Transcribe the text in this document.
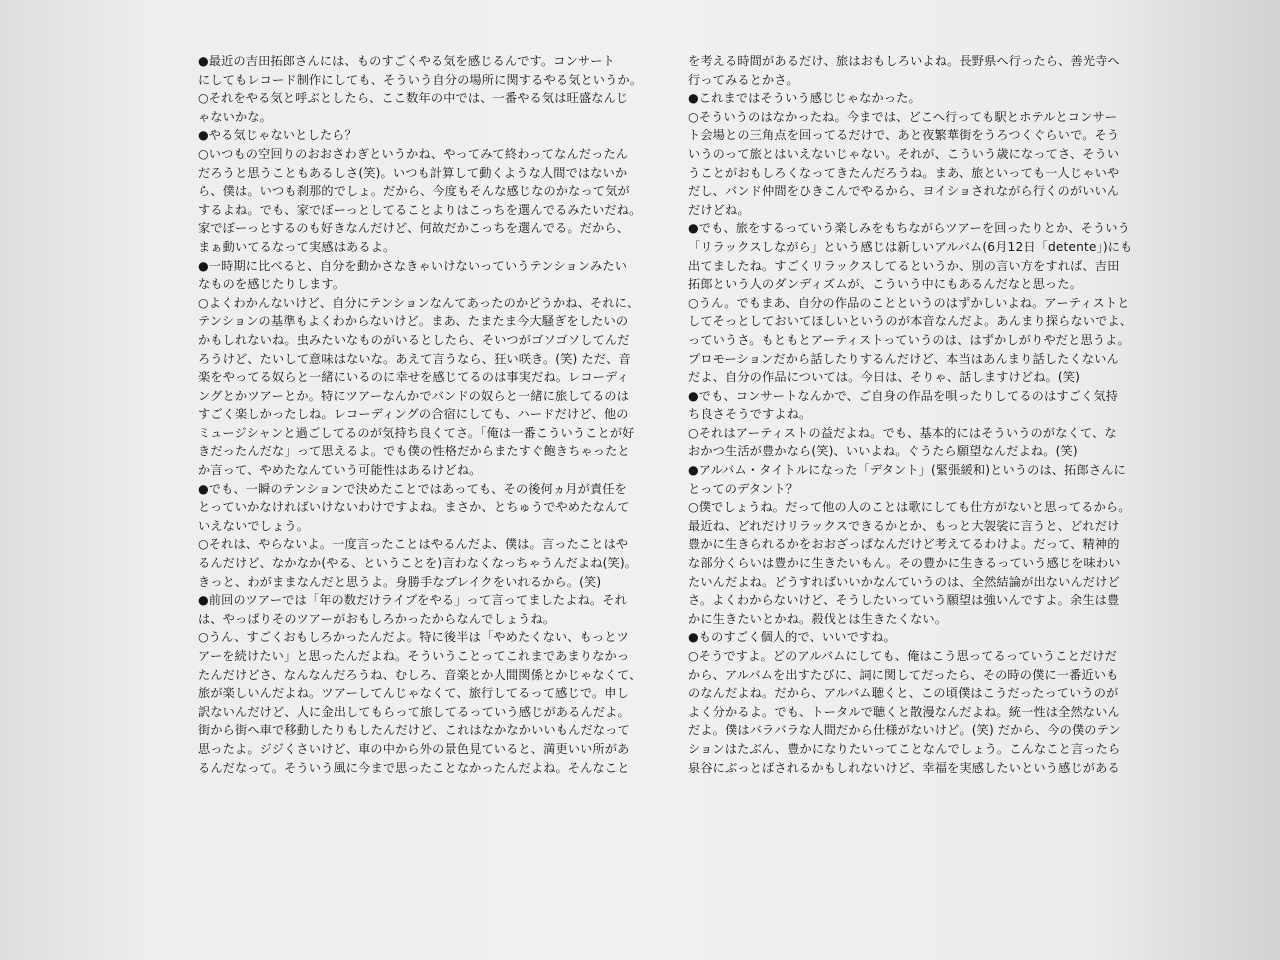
●最近の吉田拓郎さんには、ものすごくやる気を感じるんです。コンサート
にしてもレコード制作にしても、そういう自分の場所に関するやる気というか。
○それをやる気と呼ぶとしたら、ここ数年の中では、一番やる気は旺盛なんじ
ゃないかな。
●やる気じゃないとしたら？
○いつもの空回りのおおさわぎというかね、やってみて終わってなんだったん
だろうと思うこともあるしさ(笑)。いつも計算して動くような人間ではないか
ら、僕は。いつも刹那的でしょ。だから、今度もそんな感じなのかなって気が
するよね。でも、家でぼーっとしてることよりはこっちを選んでるみたいだね。
家でぼーっとするのも好きなんだけど、何故だかこっちを選んでる。だから、
まぁ動いてるなって実感はあるよ。
●一時期に比べると、自分を動かさなきゃいけないっていうテンションみたい
なものを感じたりします。
○よくわかんないけど、自分にテンションなんてあったのかどうかね、それに、
テンションの基準もよくわからないけど。まあ、たまたま今大騒ぎをしたいの
かもしれないね。虫みたいなものがいるとしたら、そいつがゴソゴソしてんだ
ろうけど、たいして意味はないな。あえて言うなら、狂い咲き。(笑) ただ、音
楽をやってる奴らと一緒にいるのに幸せを感じてるのは事実だね。レコーディ
ングとかツアーとか。特にツアーなんかでバンドの奴らと一緒に旅してるのは
すごく楽しかったしね。レコーディングの合宿にしても、ハードだけど、他の
ミュージシャンと過ごしてるのが気持ち良くてさ。「俺は一番こういうことが好
きだったんだな」って思えるよ。でも僕の性格だからまたすぐ飽きちゃったと
か言って、やめたなんていう可能性はあるけどね。
●でも、一瞬のテンションで決めたことではあっても、その後何ヵ月が責任を
とっていかなければいけないわけですよね。まさか、とちゅうでやめたなんて
いえないでしょう。
○それは、やらないよ。一度言ったことはやるんだよ、僕は。言ったことはや
るんだけど、なかなか(やる、ということを)言わなくなっちゃうんだよね(笑)。
きっと、わがままなんだと思うよ。身勝手なブレイクをいれるから。(笑)
●前回のツアーでは「年の数だけライブをやる」って言ってましたよね。それ
は、やっぱりそのツアーがおもしろかったからなんでしょうね。
○うん、すごくおもしろかったんだよ。特に後半は「やめたくない、もっとツ
アーを続けたい」と思ったんだよね。そういうことってこれまであまりなかっ
たんだけどさ、なんなんだろうね、むしろ、音楽とか人間関係とかじゃなくて、
旅が楽しいんだよね。ツアーしてんじゃなくて、旅行してるって感じで。申し
訳ないんだけど、人に金出してもらって旅してるっていう感じがあるんだよ。
街から街へ車で移動したりもしたんだけど、これはなかなかいいもんだなって
思ったよ。ジジくさいけど、車の中から外の景色見ていると、満更いい所があ
るんだなって。そういう風に今まで思ったことなかったんだよね。そんなこと
を考える時間があるだけ、旅はおもしろいよね。長野県へ行ったら、善光寺へ
行ってみるとかさ。
●これまではそういう感じじゃなかった。
○そういうのはなかったね。今までは、どこへ行っても駅とホテルとコンサー
ト会場との三角点を回ってるだけで、あと夜繁華街をうろつくぐらいで。そう
いうのって旅とはいえないじゃない。それが、こういう歳になってさ、そうい
うことがおもしろくなってきたんだろうね。まあ、旅といっても一人じゃいや
だし、バンド仲間をひきこんでやるから、ヨイショされながら行くのがいいん
だけどね。
●でも、旅をするっていう楽しみをもちながらツアーを回ったりとか、そういう
「リラックスしながら」という感じは新しいアルバム(6月12日「detente」)にも
出てましたね。すごくリラックスしてるというか、別の言い方をすれば、吉田
拓郎という人のダンディズムが、こういう中にもあるんだなと思った。
○うん。でもまあ、自分の作品のことというのはずかしいよね。アーティストと
してそっとしておいてほしいというのが本音なんだよ。あんまり探らないでよ、
っていうさ。もともとアーティストっていうのは、はずかしがりやだと思うよ。
プロモーションだから話したりするんだけど、本当はあんまり話したくないん
だよ、自分の作品については。今日は、そりゃ、話しますけどね。(笑)
●でも、コンサートなんかで、ご自身の作品を唄ったりしてるのはすごく気持
ち良さそうですよね。
○それはアーティストの益だよね。でも、基本的にはそういうのがなくて、な
おかつ生活が豊かなら(笑)、いいよね。ぐうたら願望なんだよね。(笑)
●アルバム・タイトルになった「デタント」(緊張緩和)というのは、拓郎さんに
とってのデタント？
○僕でしょうね。だって他の人のことは歌にしても仕方がないと思ってるから。
最近ね、どれだけリラックスできるかとか、もっと大袈裟に言うと、どれだけ
豊かに生きられるかをおおざっぱなんだけど考えてるわけよ。だって、精神的
な部分くらいは豊かに生きたいもん。その豊かに生きるっていう感じを味わい
たいんだよね。どうすればいいかなんていうのは、全然結論が出ないんだけど
さ。よくわからないけど、そうしたいっていう願望は強いんですよ。余生は豊
かに生きたいとかね。殺伐とは生きたくない。
●ものすごく個人的で、いいですね。
○そうですよ。どのアルバムにしても、俺はこう思ってるっていうことだけだ
から、アルバムを出すたびに、詞に関してだったら、その時の僕に一番近いも
のなんだよね。だから、アルバム聴くと、この頃僕はこうだったっていうのが
よく分かるよ。でも、トータルで聴くと散漫なんだよね。統一性は全然ないん
だよ。僕はバラバラな人間だから仕様がないけど。(笑) だから、今の僕のテン
ションはたぶん、豊かになりたいってことなんでしょう。こんなこと言ったら
泉谷にぶっとばされるかもしれないけど、幸福を実感したいという感じがある
